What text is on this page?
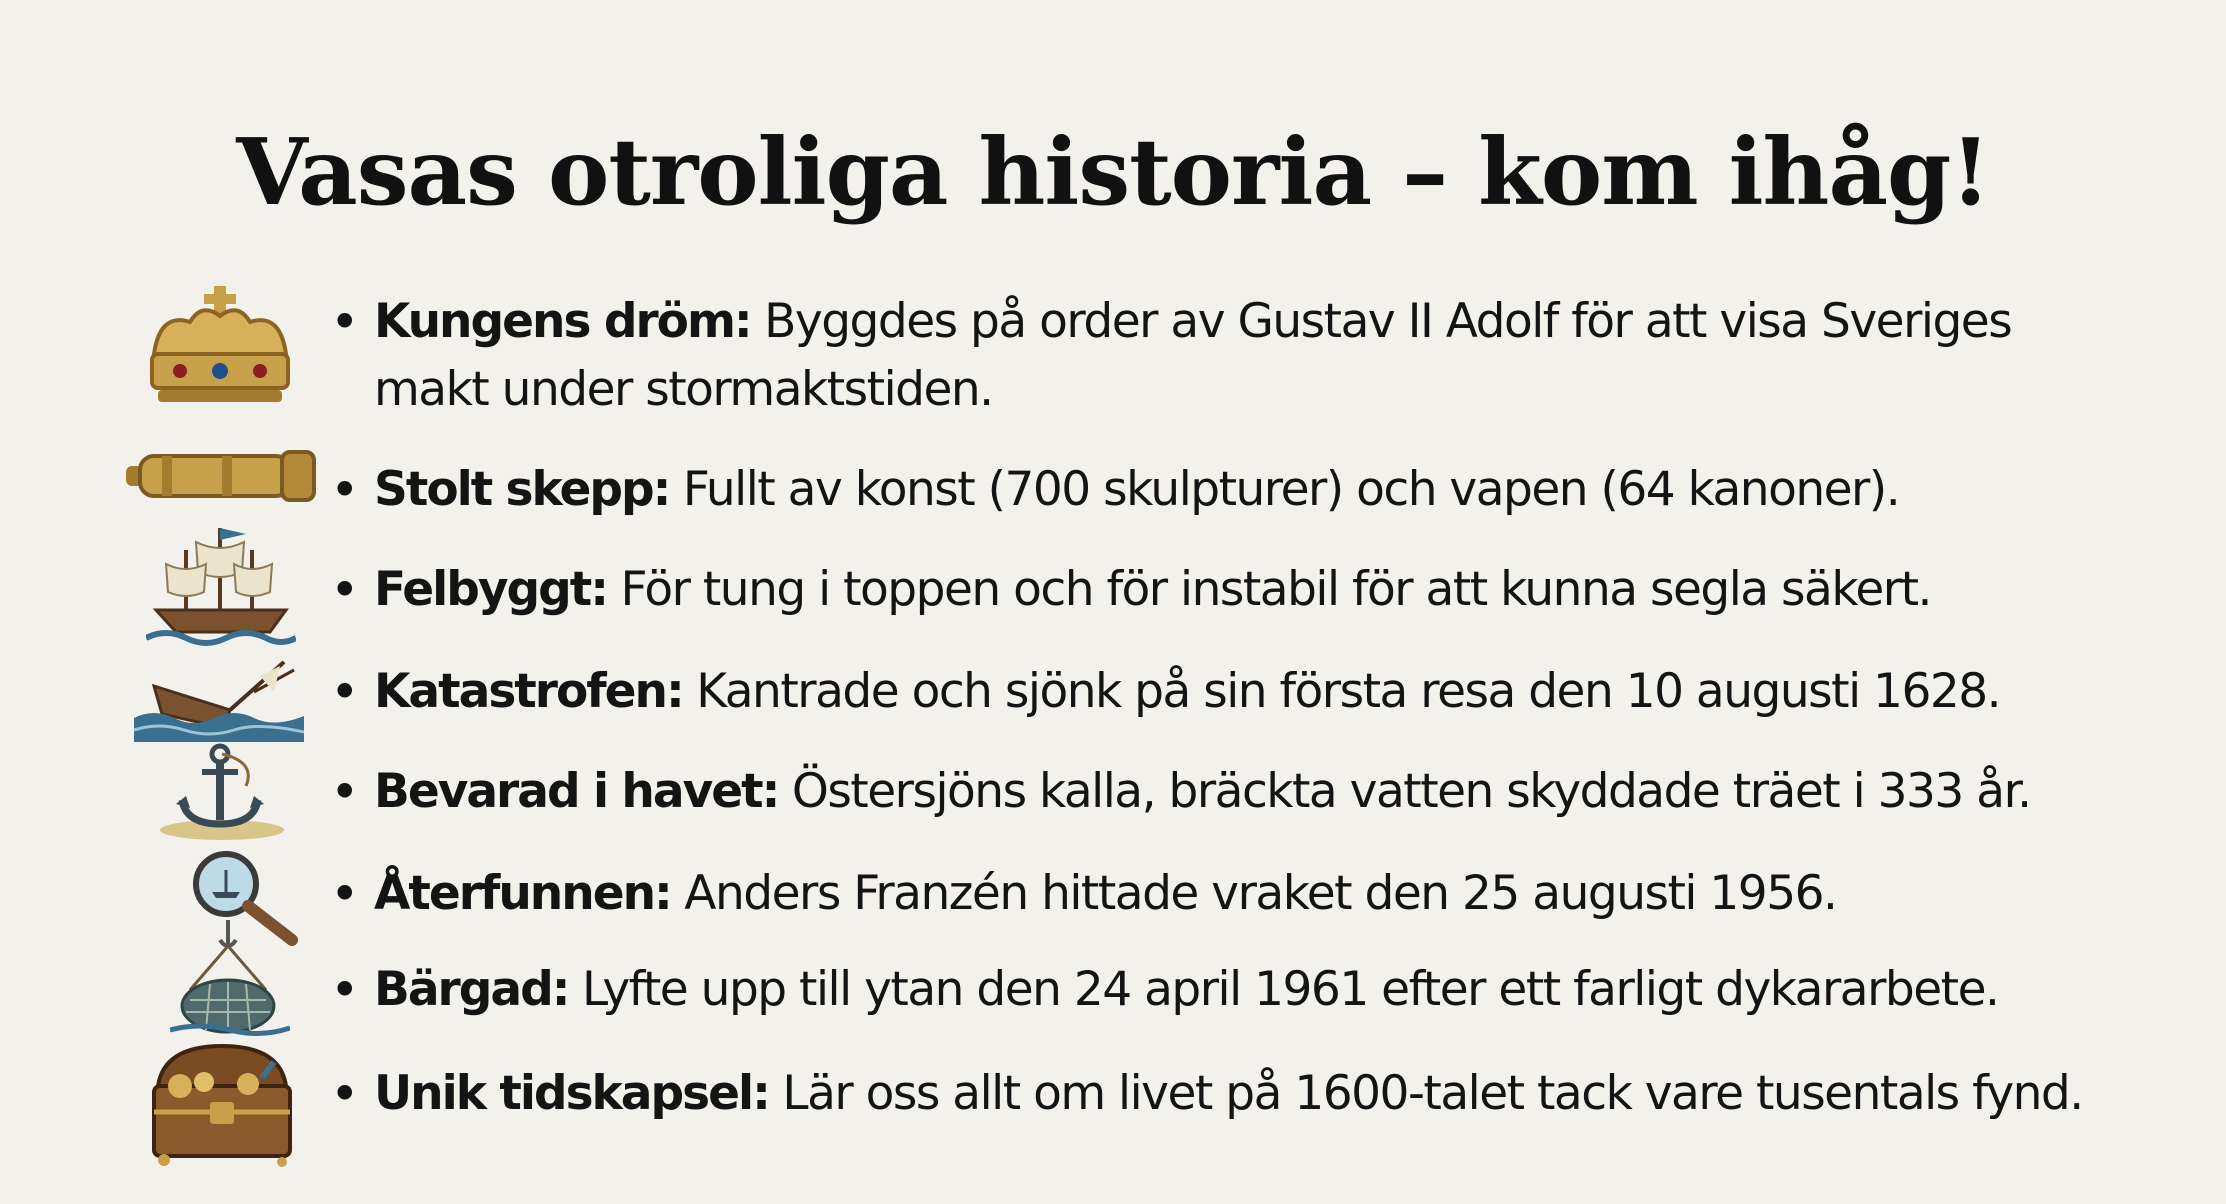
Vasas otroliga historia – kom ihåg!
• Kungens dröm: Byggdes på order av Gustav II Adolf för att visa Sveriges makt under stormaktstiden.
• Stolt skepp: Fullt av konst (700 skulpturer) och vapen (64 kanoner).
• Felbyggt: För tung i toppen och för instabil för att kunna segla säkert.
• Katastrofen: Kantrade och sjönk på sin första resa den 10 augusti 1628.
• Bevarad i havet: Östersjöns kalla, bräckta vatten skyddade träet i 333 år.
• Återfunnen: Anders Franzén hittade vraket den 25 augusti 1956.
• Bärgad: Lyfte upp till ytan den 24 april 1961 efter ett farligt dykararbete.
• Unik tidskapsel: Lär oss allt om livet på 1600-talet tack vare tusentals fynd.
